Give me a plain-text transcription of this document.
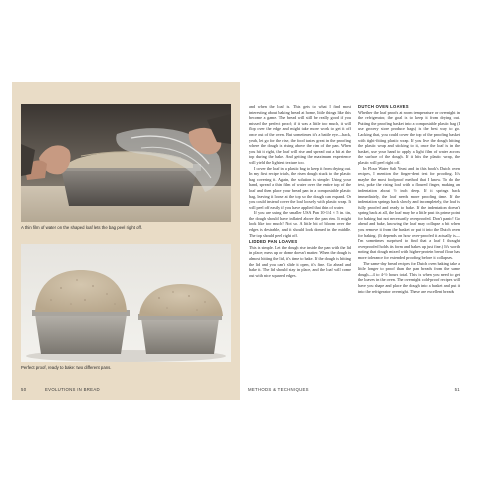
A thin film of water on the shaped loaf lets the bag peel right off.
Perfect proof, ready to bake: two different pans.
50	EVOLUTIONS IN BREAD

and when the loaf is. This gets to what I find most interesting about baking bread at home, little things like this become a game. The bread will still be really good if you missed the perfect proof; if it was a little too much, it will flop over the edge and might take more work to get it off once out of the oven. But sometimes it's a battle eye—back, yeah, let go for the rise, the food tastes great in the proofing where the dough is rising above the rim of the pan. When you hit it right, the loaf will rise and spread out a bit at the top during the bake. And getting the maximum experience will yield the lightest texture too.

I cover the loaf in a plastic bag to keep it from drying out. In my first recipe trials, the risen dough stuck to the plastic bag covering it. Again, the solution is simple: Using your hand, spread a thin film of water over the entire top of the loaf and then place your bread pan in a compostable plastic bag, leaving it loose at the top so the dough can expand. Or you could instead cover the loaf loosely with plastic wrap. It will peel off easily if you have applied that thin of water.

If you are using the smaller USA Pan 10-1/4 × 5 in. tin, the dough should have inflated above the pan rim. It might look like too much! Not so. A little bit of bloom over the edges is desirable, and it should look domed in the middle. The top should peel right off.

LIDDED PAN LOAVES

This is simple. Let the dough rise inside the pan with the lid in place; mess up or dome doesn't matter. When the dough is almost hitting the lid, it's time to bake. If the dough is hitting the lid and you can't slide it open, it's fine. Go ahead and bake it. The lid should stay in place, and the loaf will come out with nice squared edges.

DUTCH OVEN LOAVES

Whether the loaf proofs at room temperature or overnight in the refrigerator, the goal is to keep it from drying out. Putting the proofing basket into a compostable plastic bag (I use grocery store produce bags) is the best way to go. Lacking that, you could cover the top of the proofing basket with tight-fitting plastic wrap. If you live the dough hitting the plastic wrap and sticking to it, once the loaf is in the basket, use your hand to apply a light film of water across the surface of the dough. If it hits the plastic wrap, the plastic will peel right off.

In Flour Water Salt Yeast and in this book's Dutch oven recipes, I mention the finger-dent test for proofing. It's maybe the most foolproof method that I know. To do the test, poke the rising loaf with a floured finger, making an indentation about ½ inch deep. If it springs back immediately, the loaf needs more proofing time. If the indentation springs back slowly and incompletely, the loaf is fully proofed and ready to bake. If the indentation doesn't spring back at all, the loaf may be a little past its prime point for baking but not necessarily overproofed. Don't panic! Go ahead and bake, knowing the loaf may collapse a bit when you remove it from the basket or put it into the Dutch oven for baking. (It depends on how over-proofed it actually is—I'm sometimes surprised to find that a loaf I thought overproofed holds its form and bakes up just fine.) It's worth noting that dough mixed with higher-protein bread flour has more tolerance for extended proofing before it collapses.

The same-day bread recipes for Dutch oven baking take a little longer to proof than the pan breads from the same dough—4 to 4-½ hours total. This is when you need to get the loaves in the oven. The overnight cold-proof recipes will have you shape and place the dough into a basket and put it into the refrigerator overnight. These are excellent breads

METHODS & TECHNIQUES	51
